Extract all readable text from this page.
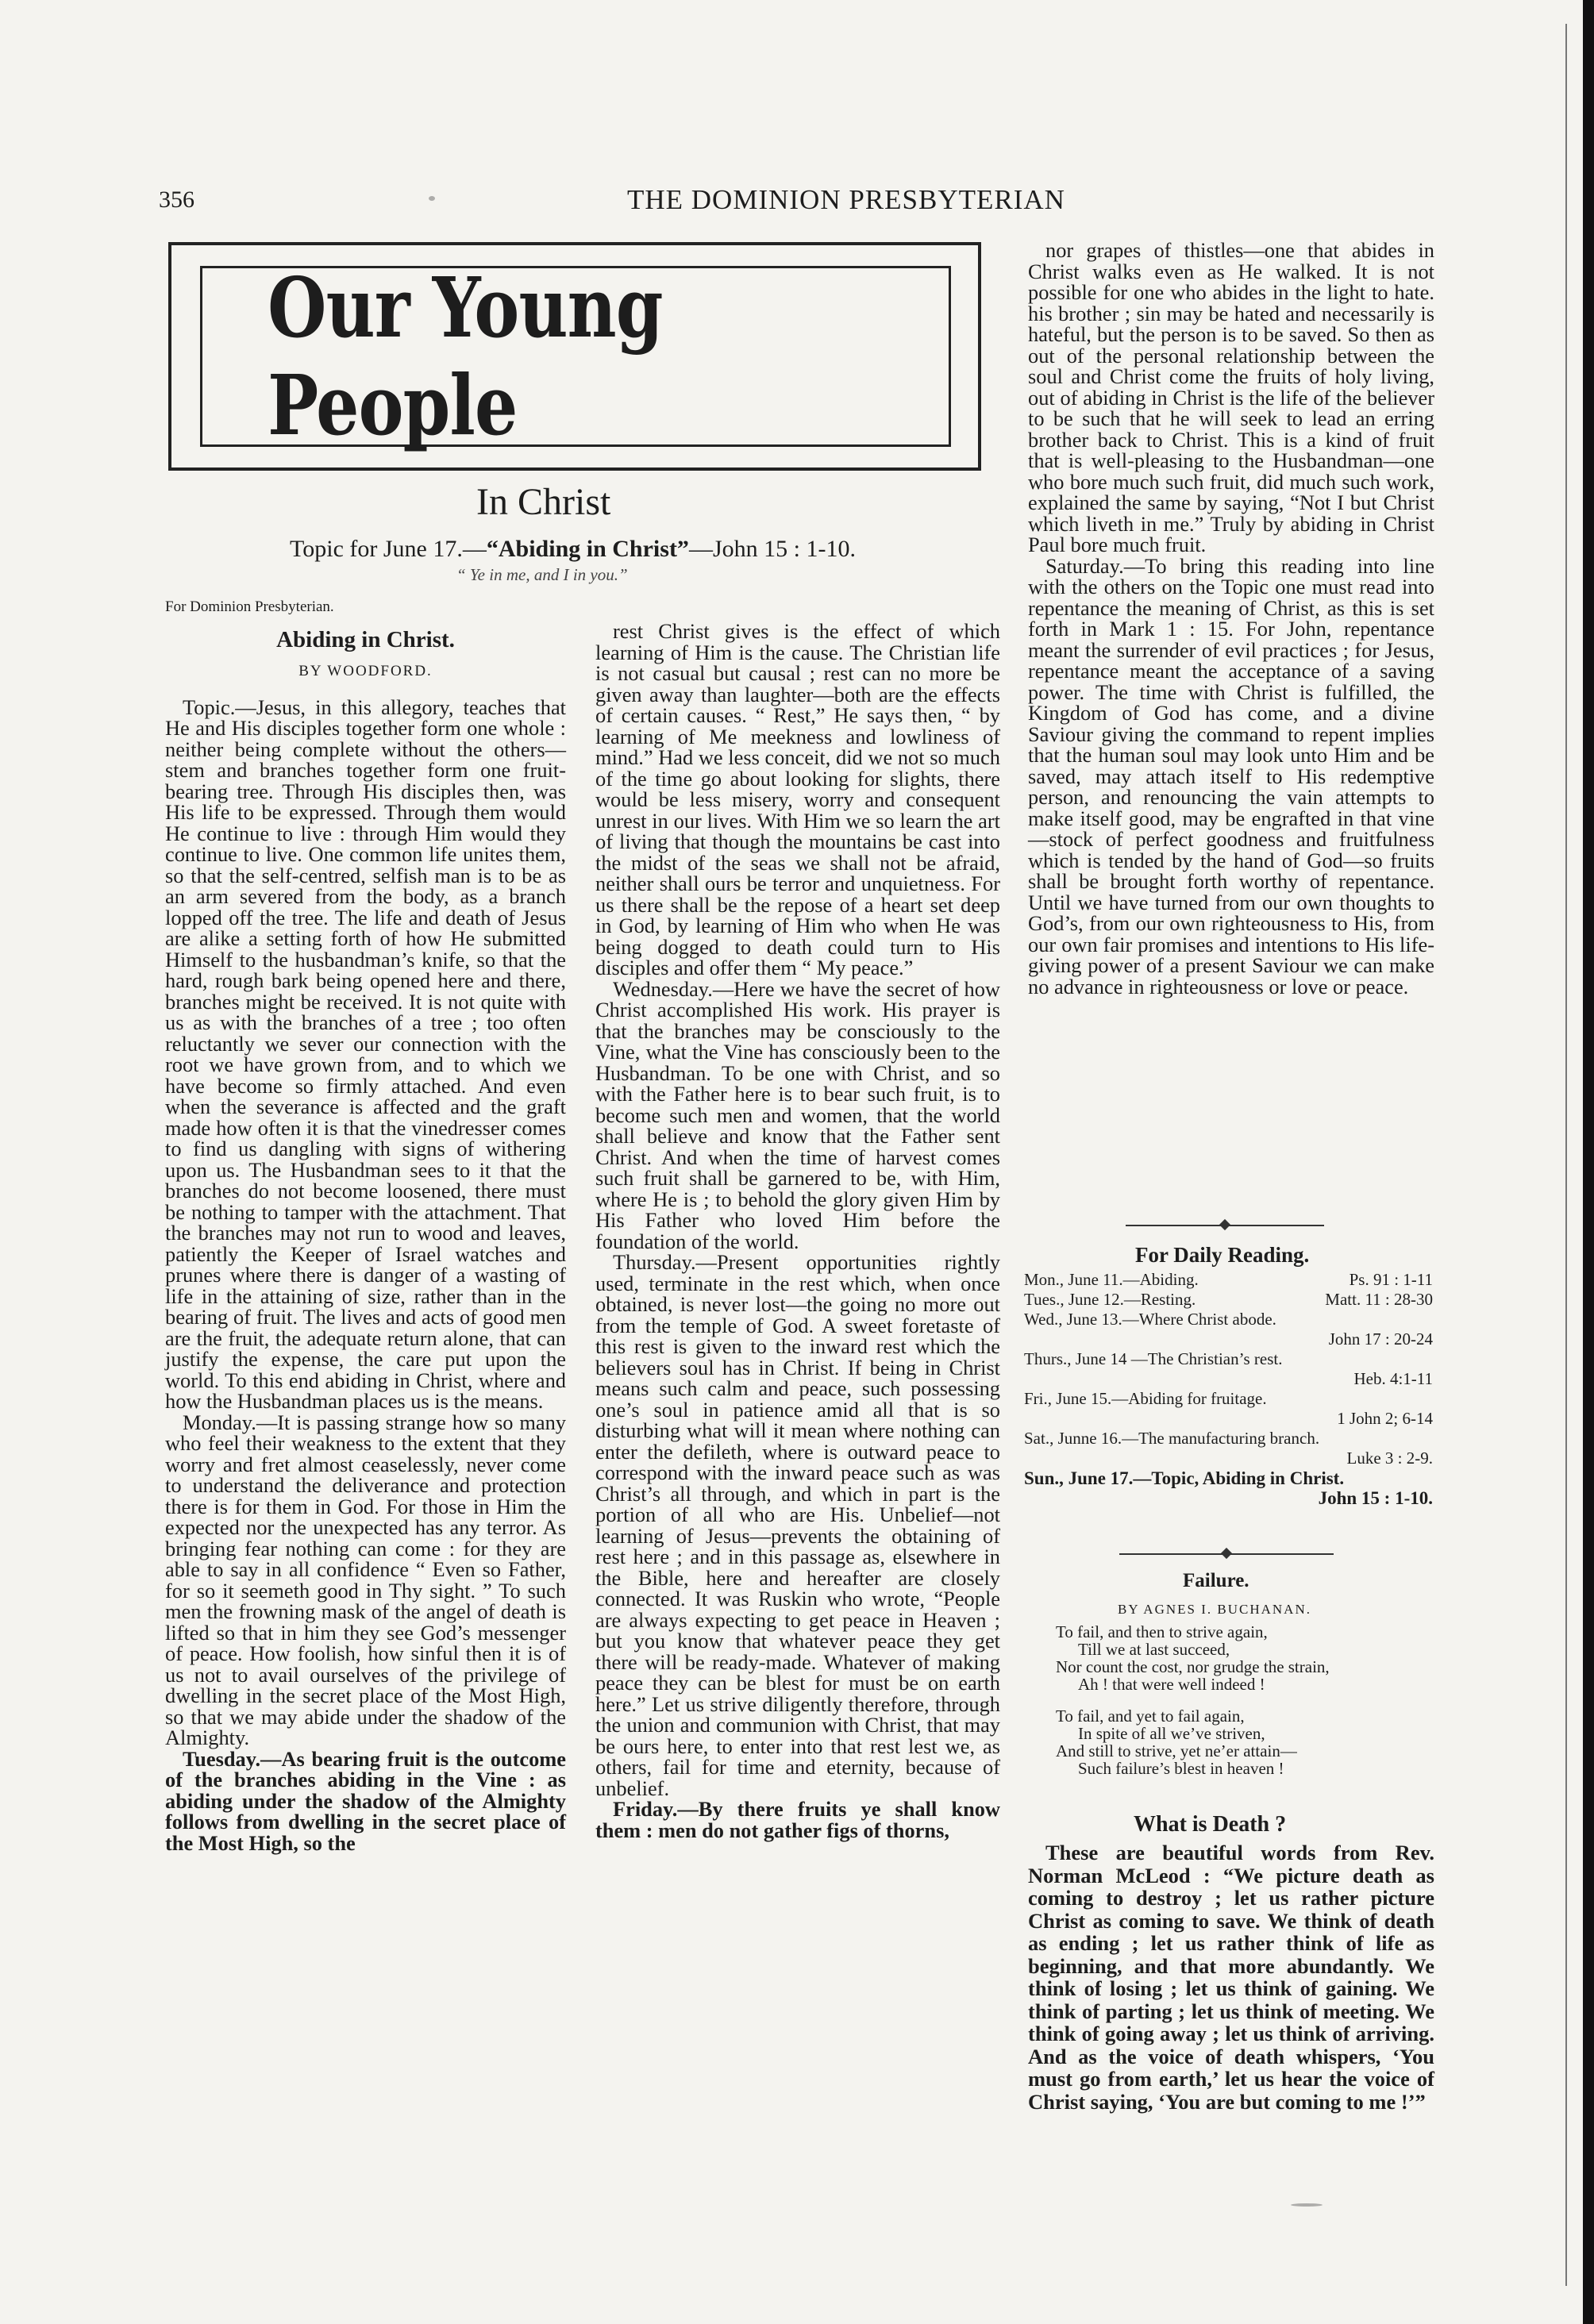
356	THE DOMINION PRESBYTERIAN
Our Young People
In Christ
Topic for June 17.—“Abiding in Christ”—John 15 : 1-10.
“ Ye in me, and I in you.”

For Dominion Presbyterian.

Abiding in Christ.

BY WOODFORD.

Topic.—Jesus, in this allegory, teaches that He and His disciples together form one whole : neither being complete without the others—stem and branches together form one fruit-bearing tree. Through His disciples then, was His life to be expressed. Through them would He continue to live : through Him would they continue to live. One common life unites them, so that the self-centred, selfish man is to be as an arm severed from the body, as a branch lopped off the tree. The life and death of Jesus are alike a setting forth of how He submitted Himself to the husbandman’s knife, so that the hard, rough bark being opened here and there, branches might be received. It is not quite with us as with the branches of a tree ; too often reluctantly we sever our connection with the root we have grown from, and to which we have become so firmly attached. And even when the severance is affected and the graft made how often it is that the vinedresser comes to find us dangling with signs of withering upon us. The Husbandman sees to it that the branches do not become loosened, there must be nothing to tamper with the attachment. That the branches may not run to wood and leaves, patiently the Keeper of Israel watches and prunes where there is danger of a wasting of life in the attaining of size, rather than in the bearing of fruit. The lives and acts of good men are the fruit, the adequate return alone, that can justify the expense, the care put upon the world. To this end abiding in Christ, where and how the Husbandman places us is the means.

Monday.—It is passing strange how so many who feel their weakness to the extent that they worry and fret almost ceaselessly, never come to understand the deliverance and protection there is for them in God. For those in Him the expected nor the unexpected has any terror. As bringing fear nothing can come : for they are able to say in all confidence “ Even so Father, for so it seemeth good in Thy sight. ” To such men the frowning mask of the angel of death is lifted so that in him they see God’s messenger of peace. How foolish, how sinful then it is of us not to avail ourselves of the privilege of dwelling in the secret place of the Most High, so that we may abide under the shadow of the Almighty.

Tuesday.—As bearing fruit is the outcome of the branches abiding in the Vine : as abiding under the shadow of the Almighty follows from dwelling in the secret place of the Most High, so the

rest Christ gives is the effect of which learning of Him is the cause. The Christian life is not casual but causal ; rest can no more be given away than laughter—both are the effects of certain causes. “ Rest,” He says then, “ by learning of Me meekness and lowliness of mind.” Had we less conceit, did we not so much of the time go about looking for slights, there would be less misery, worry and consequent unrest in our lives. With Him we so learn the art of living that though the mountains be cast into the midst of the seas we shall not be afraid, neither shall ours be terror and unquietness. For us there shall be the repose of a heart set deep in God, by learning of Him who when He was being dogged to death could turn to His disciples and offer them “ My peace.”

Wednesday.—Here we have the secret of how Christ accomplished His work. His prayer is that the branches may be consciously to the Vine, what the Vine has consciously been to the Husbandman. To be one with Christ, and so with the Father here is to bear such fruit, is to become such men and women, that the world shall believe and know that the Father sent Christ. And when the time of harvest comes such fruit shall be garnered to be, with Him, where He is ; to behold the glory given Him by His Father who loved Him before the foundation of the world.

Thursday.—Present opportunities rightly used, terminate in the rest which, when once obtained, is never lost—the going no more out from the temple of God. A sweet foretaste of this rest is given to the inward rest which the believers soul has in Christ. If being in Christ means such calm and peace, such possessing one’s soul in patience amid all that is so disturbing what will it mean where nothing can enter the defileth, where is outward peace to correspond with the inward peace such as was Christ’s all through, and which in part is the portion of all who are His. Unbelief—not learning of Jesus—prevents the obtaining of rest here ; and in this passage as, elsewhere in the Bible, here and hereafter are closely connected. It was Ruskin who wrote, “People are always expecting to get peace in Heaven ; but you know that whatever peace they get there will be ready-made. Whatever of making peace they can be blest for must be on earth here.” Let us strive diligently therefore, through the union and communion with Christ, that may be ours here, to enter into that rest lest we, as others, fail for time and eternity, because of unbelief.

Friday.—By there fruits ye shall know them : men do not gather figs of thorns,

nor grapes of thistles—one that abides in Christ walks even as He walked. It is not possible for one who abides in the light to hate. his brother ; sin may be hated and necessarily is hateful, but the person is to be saved. So then as out of the personal relationship between the soul and Christ come the fruits of holy living, out of abiding in Christ is the life of the believer to be such that he will seek to lead an erring brother back to Christ. This is a kind of fruit that is well-pleasing to the Husbandman—one who bore much such fruit, did much such work, explained the same by saying, “Not I but Christ which liveth in me.” Truly by abiding in Christ Paul bore much fruit.

Saturday.—To bring this reading into line with the others on the Topic one must read into repentance the meaning of Christ, as this is set forth in Mark 1 : 15. For John, repentance meant the surrender of evil practices ; for Jesus, repentance meant the acceptance of a saving power. The time with Christ is fulfilled, the Kingdom of God has come, and a divine Saviour giving the command to repent implies that the human soul may look unto Him and be saved, may attach itself to His redemptive person, and renouncing the vain attempts to make itself good, may be engrafted in that vine—stock of perfect goodness and fruitfulness which is tended by the hand of God—so fruits shall be brought forth worthy of repentance. Until we have turned from our own thoughts to God’s, from our own righteousness to His, from our own fair promises and intentions to His life-giving power of a present Saviour we can make no advance in righteousness or love or peace.

For Daily Reading.
Mon., June 11.—Abiding.	Ps. 91 : 1-11
Tues., June 12.—Resting.	Matt. 11 : 28-30
Wed., June 13.—Where Christ abode.
John 17 : 20-24
Thurs., June 14 —The Christian’s rest.
Heb. 4:1-11
Fri., June 15.—Abiding for fruitage.
1 John 2; 6-14
Sat., Junne 16.—The manufacturing branch.
Luke 3 : 2-9.
Sun., June 17.—Topic, Abiding in Christ.
John 15 : 1-10.
Failure.
BY AGNES I. BUCHANAN.
To fail, and then to strive again,
Till we at last succeed,
Nor count the cost, nor grudge the strain,
Ah ! that were well indeed !
To fail, and yet to fail again,
In spite of all we’ve striven,
And still to strive, yet ne’er attain—
Such failure’s blest in heaven !
What is Death ?

These are beautiful words from Rev. Norman McLeod : “We picture death as coming to destroy ; let us rather picture Christ as coming to save. We think of death as ending ; let us rather think of life as beginning, and that more abundantly. We think of losing ; let us think of gaining. We think of parting ; let us think of meeting. We think of going away ; let us think of arriving. And as the voice of death whispers, ‘You must go from earth,’ let us hear the voice of Christ saying, ‘You are but coming to me !’”
